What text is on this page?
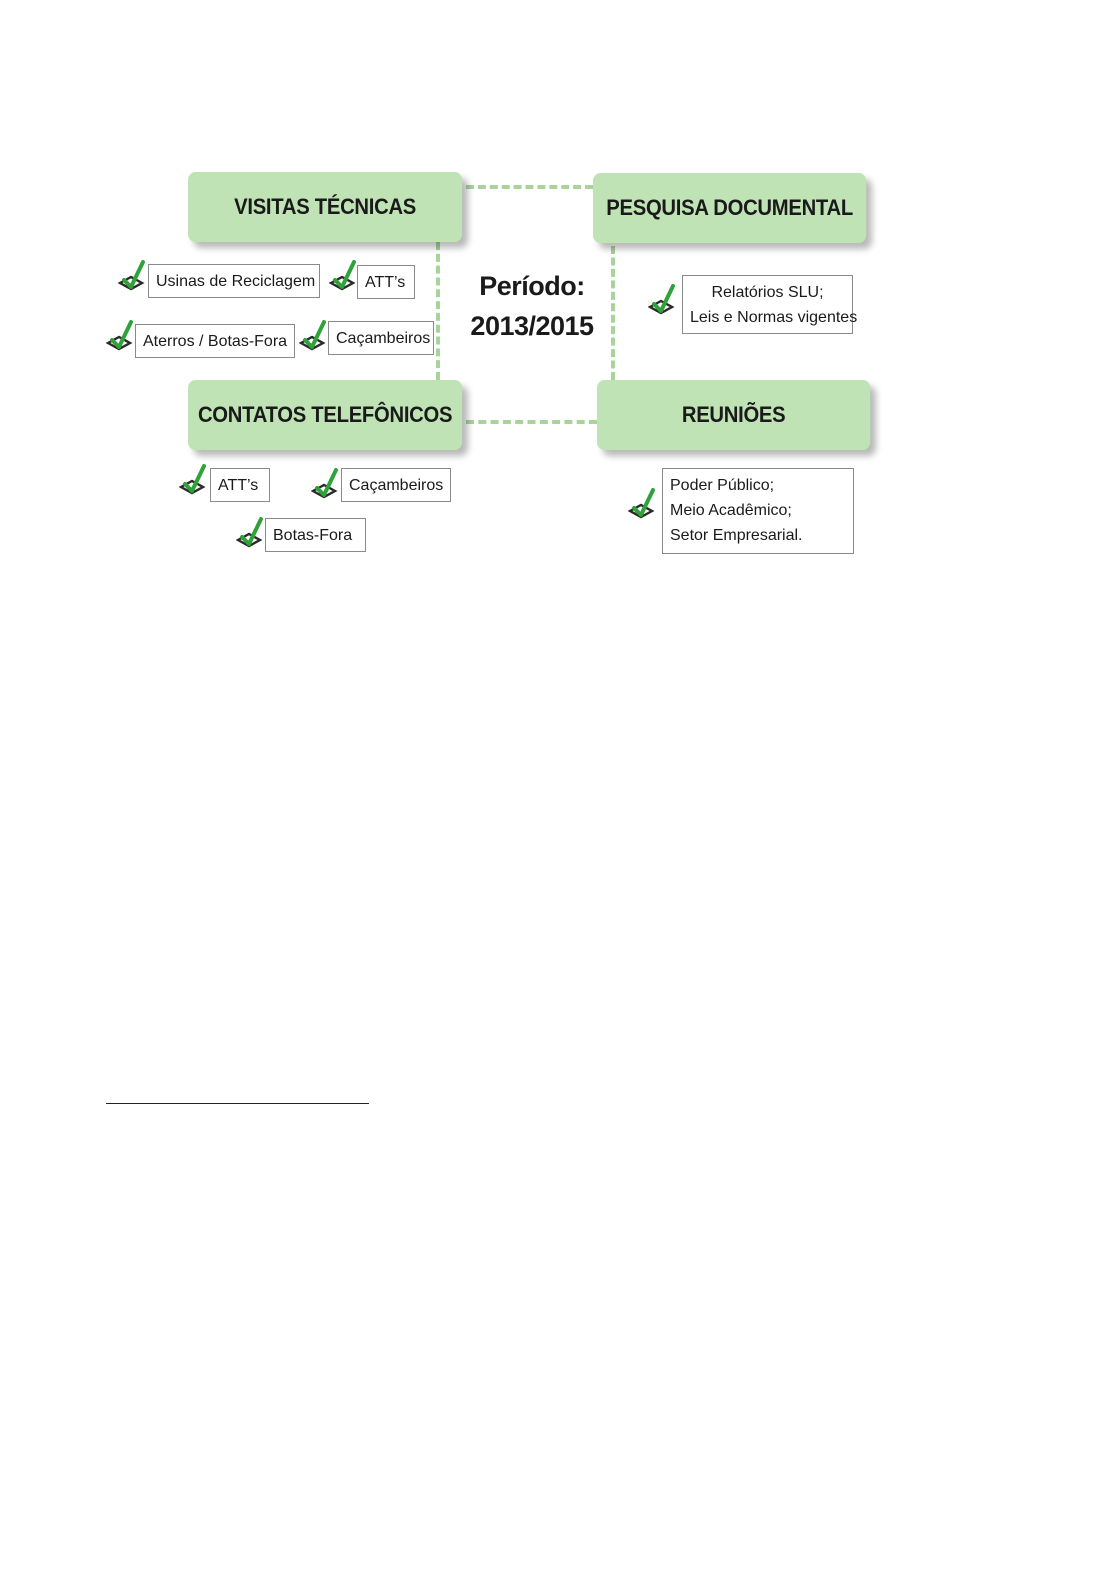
Período:
2013/2015
VISITAS TÉCNICAS
Usinas de Reciclagem	ATT’s
Aterros / Botas-Fora	Caçambeiros
PESQUISA DOCUMENTAL
Relatórios SLU;
Leis e Normas vigentes
CONTATOS TELEFÔNICOS
ATT’s	Caçambeiros
Botas-Fora
REUNIÕES
Poder Público;
Meio Acadêmico;
Setor Empresarial.
